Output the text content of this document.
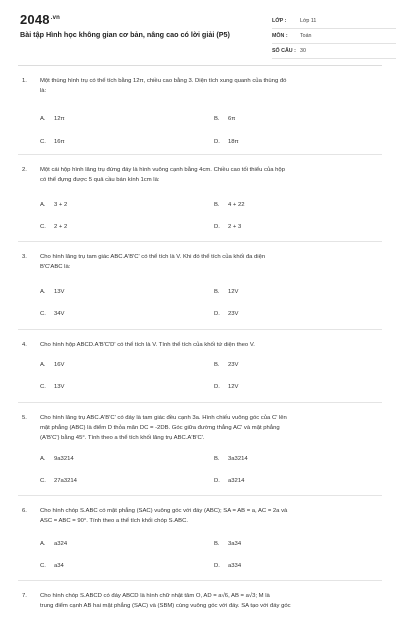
$2048^{.vn}$
Bài tập Hình học không gian cơ bản, nâng cao có lời giải (P5)
LỚP :	Lớp 11
MÔN :	Toán
SỐ CÂU : 30
1. Một thùng hình trụ có thể tích bằng 12π, chiều cao bằng 3. Diện tích xung quanh của thùng đó
là:
A. 12π	B. 6π
C. 16π	D. 18π
2. Một cái hộp hình lăng trụ đứng đáy là hình vuông cạnh bằng 4cm. Chiều cao tối thiểu của hộp
có thể đựng được 5 quả cầu bán kính 1cm là:
A. 3 + 2	B. 4 + 22
C. 2 + 2	D. 2 + 3
3. Cho hình lăng trụ tam giác ABC.A'B'C' có thể tích là V. Khi đó thể tích của khối đa diện
B'C'ABC là:
A. 13V	B. 12V
C. 34V	D. 23V
4. Cho hình hộp ABCD.A'B'C'D' có thể tích là V. Tính thể tích của khối tứ diện theo V.
A. 16V	B. 23V
C. 13V	D. 12V
5. Cho hình lăng trụ ABC.A'B'C' có đáy là tam giác đều cạnh 3a. Hình chiếu vuông góc của C' lên
mặt phẳng (ABC) là điểm D thỏa mãn DC = -2DB. Góc giữa đường thẳng AC' và mặt phẳng
(A'B'C') bằng 45°. Tính theo a thể tích khối lăng trụ ABC.A'B'C'.
A. 9a3214	B. 3a3214
C. 27a3214	D. a3214
6. Cho hình chóp S.ABC có mặt phẳng (SAC) vuông góc với đáy (ABC); SA = AB = a, AC = 2a và
ASC = ABC = 90°. Tính theo a thể tích khối chóp S.ABC.
A. a324	B. 3a34
C. a34	D. a334
7. Cho hình chóp S.ABCD có đáy ABCD là hình chữ nhật tâm O, AD = a√6, AB = a√3; M là
trung điểm cạnh AB hai mặt phẳng (SAC) và (SBM) cùng vuông góc với đáy. SA tạo với đáy góc
